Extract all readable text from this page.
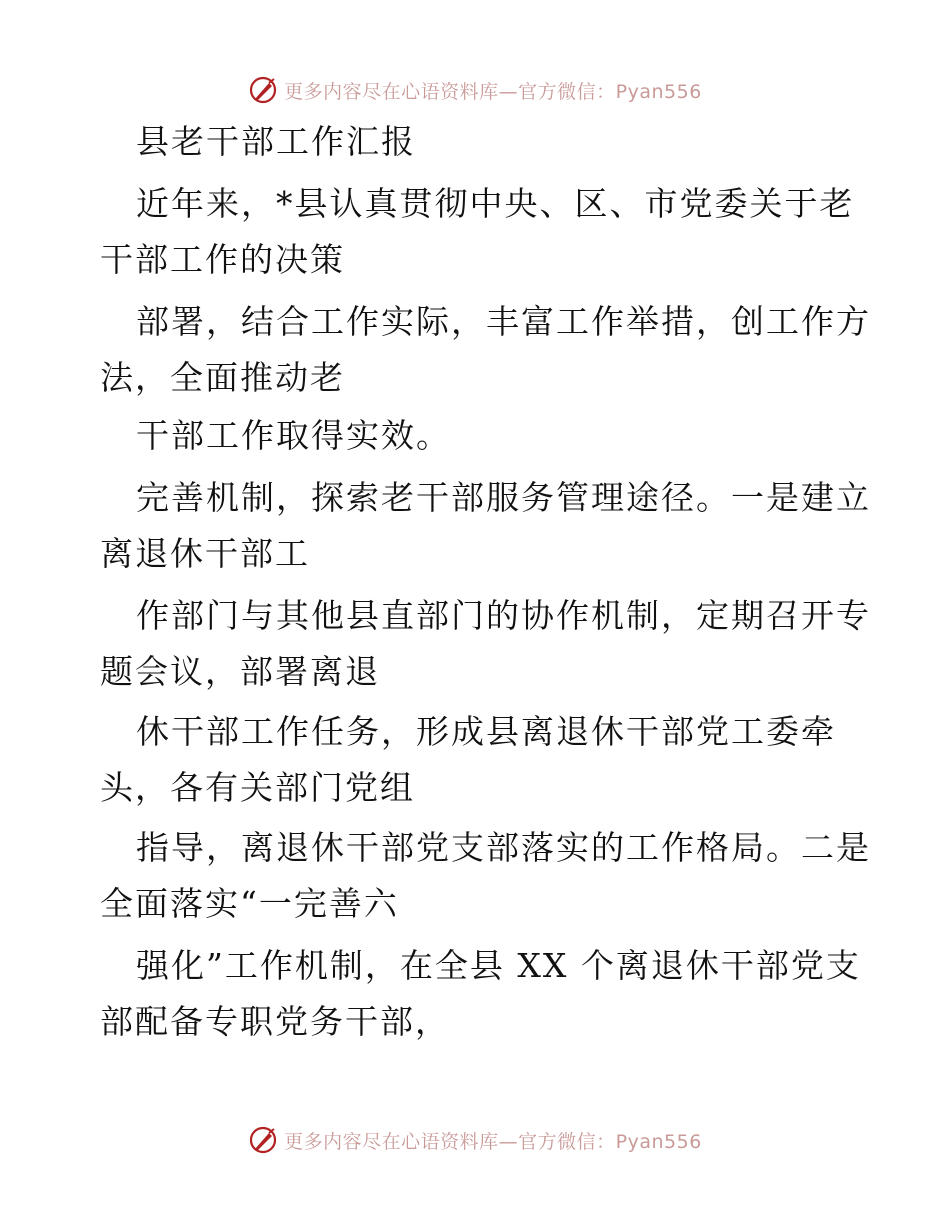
更多内容尽在心语资料库—官方微信：Pyan556
县老干部工作汇报
近年来，*县认真贯彻中央、区、市党委关于老
干部工作的决策
部署，结合工作实际，丰富工作举措，创工作方
法，全面推动老
干部工作取得实效。
完善机制，探索老干部服务管理途径。一是建立
离退休干部工
作部门与其他县直部门的协作机制，定期召开专
题会议，部署离退
休干部工作任务，形成县离退休干部党工委牵
头，各有关部门党组
指导，离退休干部党支部落实的工作格局。二是
全面落实“一完善六
强化”工作机制，在全县 XX 个离退休干部党支
部配备专职党务干部，
更多内容尽在心语资料库—官方微信：Pyan556
